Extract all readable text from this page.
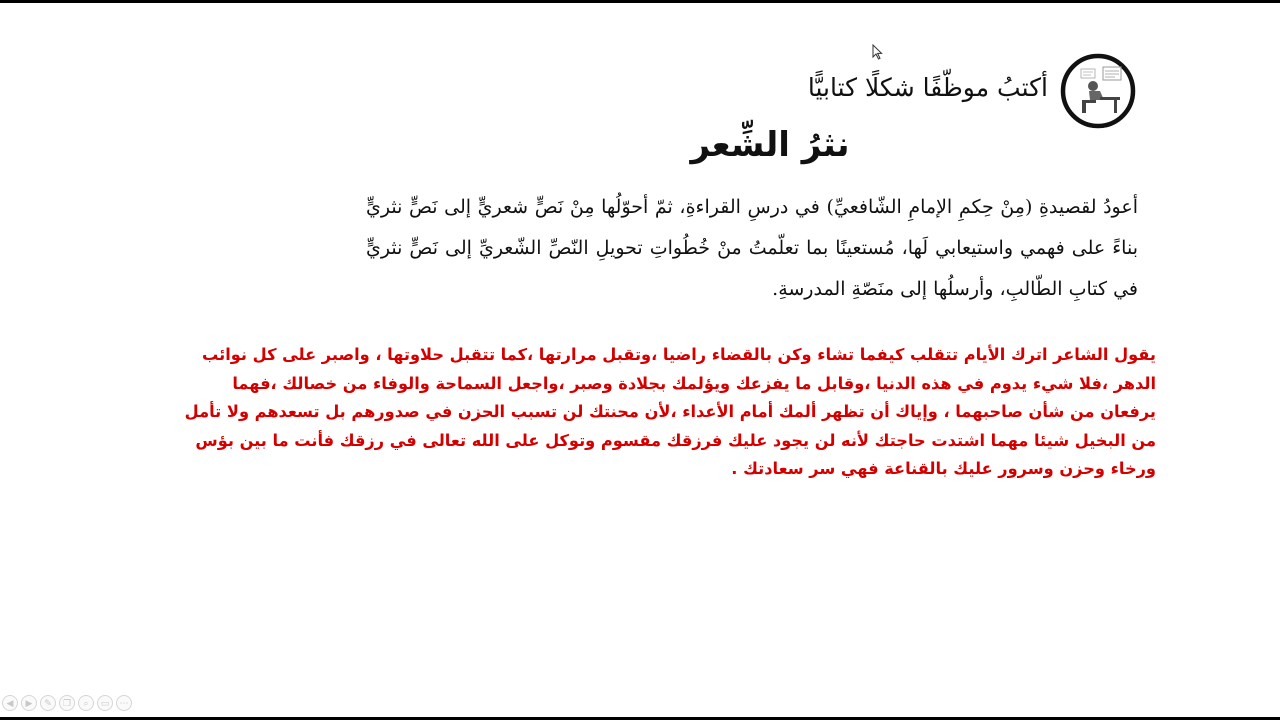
أكتبُ موظّفًا شكلًا كتابيًّا
نثرُ الشِّعر
أعودُ لقصيدةِ (مِنْ حِكمِ الإمامِ الشّافعيِّ) في درسِ القراءةِ، ثمّ أحوّلُها مِنْ نَصٍّ شعريٍّ إلى نَصٍّ نثريٍّ بناءً على فهمي واستيعابي لَها، مُستعينًا بما تعلّمتُ منْ خُطُواتِ تحويلِ النّصِّ الشّعريِّ إلى نَصٍّ نثريٍّ في كتابِ الطّالبِ، وأرسلُها إلى منَصّةِ المدرسةِ.
يقول الشاعر اترك الأيام تتقلب كيفما تشاء وكن بالقضاء راضيا ،وتقبل مرارتها ،كما تتقبل حلاوتها ، واصبر على كل نوائب الدهر ،فلا شيء يدوم في هذه الدنيا ،وقابل ما يفزعك ويؤلمك بجلادة وصبر ،واجعل السماحة والوفاء من خصالك ،فهما يرفعان من شأن صاحبهما ، وإياك أن تظهر ألمك أمام الأعداء ،لأن محنتك لن تسبب الحزن في صدورهم بل تسعدهم ولا تأمل من البخيل شيئا مهما اشتدت حاجتك لأنه لن يجود عليك فرزقك مقسوم وتوكل على الله تعالى في رزقك فأنت ما بين بؤس ورخاء وحزن وسرور عليك بالقناعة فهي سر سعادتك .
◀	▶	✎	❐	⌕	▭	⋯
